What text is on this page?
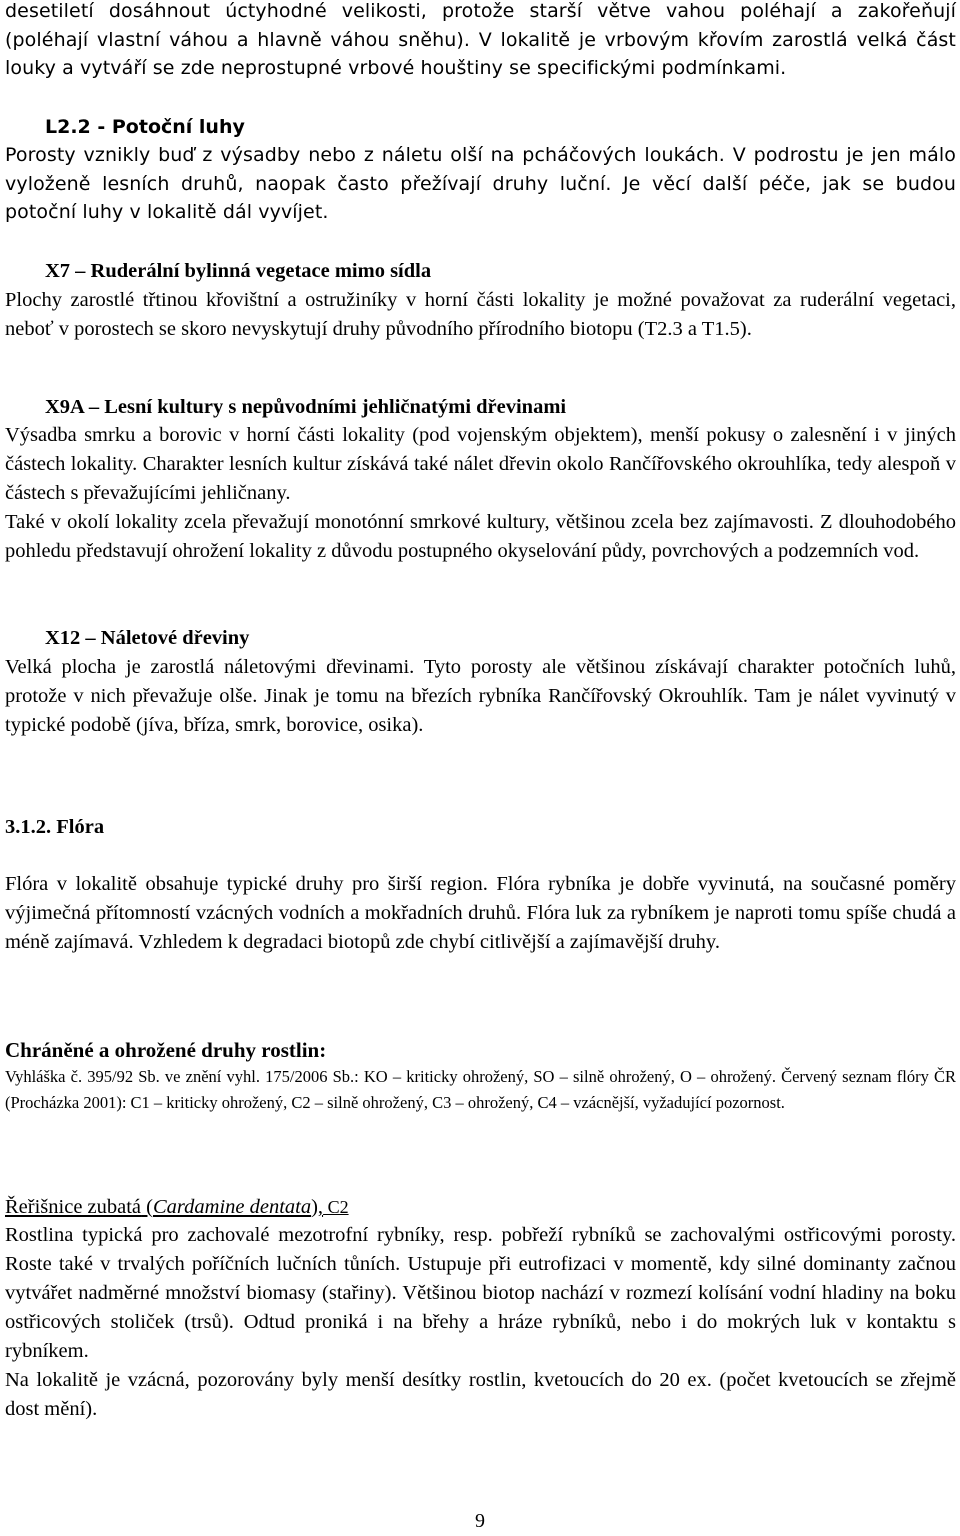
desetiletí dosáhnout úctyhodné velikosti, protože starší větve vahou poléhají a zakořeňují (poléhají vlastní váhou a hlavně váhou sněhu). V lokalitě je vrbovým křovím zarostlá velká část louky a vytváří se zde neprostupné vrbové houštiny se specifickými podmínkami.

L2.2 - Potoční luhy

Porosty vznikly buď z výsadby nebo z náletu olší na pcháčových loukách. V podrostu je jen málo vyloženě lesních druhů, naopak často přežívají druhy luční. Je věcí další péče, jak se budou potoční luhy v lokalitě dál vyvíjet.

X7 – Ruderální bylinná vegetace mimo sídla

Plochy zarostlé třtinou křovištní a ostružiníky v horní části lokality je možné považovat za ruderální vegetaci, neboť v porostech se skoro nevyskytují druhy původního přírodního biotopu (T2.3 a T1.5).

X9A – Lesní kultury s nepůvodními jehličnatými dřevinami

Výsadba smrku a borovic v horní části lokality (pod vojenským objektem), menší pokusy o zalesnění i v jiných částech lokality. Charakter lesních kultur získává také nálet dřevin okolo Rančířovského okrouhlíka, tedy alespoň v částech s převažujícími jehličnany.

Také v okolí lokality zcela převažují monotónní smrkové kultury, většinou zcela bez zajímavosti. Z dlouhodobého pohledu představují ohrožení lokality z důvodu postupného okyselování půdy, povrchových a podzemních vod.

X12 – Náletové dřeviny

Velká plocha je zarostlá náletovými dřevinami. Tyto porosty ale většinou získávají charakter potočních luhů, protože v nich převažuje olše. Jinak je tomu na březích rybníka Rančířovský Okrouhlík. Tam je nálet vyvinutý v typické podobě (jíva, bříza, smrk, borovice, osika).

3.1.2. Flóra

Flóra v lokalitě obsahuje typické druhy pro širší region. Flóra rybníka je dobře vyvinutá, na současné poměry výjimečná přítomností vzácných vodních a mokřadních druhů. Flóra luk za rybníkem je naproti tomu spíše chudá a méně zajímavá. Vzhledem k degradaci biotopů zde chybí citlivější a zajímavější druhy.

Chráněné a ohrožené druhy rostlin:

Vyhláška č. 395/92 Sb. ve znění vyhl. 175/2006 Sb.: KO – kriticky ohrožený, SO – silně ohrožený, O – ohrožený. Červený seznam flóry ČR (Procházka 2001): C1 – kriticky ohrožený, C2 – silně ohrožený, C3 – ohrožený, C4 – vzácnější, vyžadující pozornost.

Řeřišnice zubatá (Cardamine dentata), C2

Rostlina typická pro zachovalé mezotrofní rybníky, resp. pobřeží rybníků se zachovalými ostřicovými porosty. Roste také v trvalých poříčních lučních tůních. Ustupuje při eutrofizaci v momentě, kdy silné dominanty začnou vytvářet nadměrné množství biomasy (stařiny). Většinou biotop nachází v rozmezí kolísání vodní hladiny na boku ostřicových stoliček (trsů). Odtud proniká i na břehy a hráze rybníků, nebo i do mokrých luk v kontaktu s rybníkem.

Na lokalitě je vzácná, pozorovány byly menší desítky rostlin, kvetoucích do 20 ex. (počet kvetoucích se zřejmě dost mění).

9
